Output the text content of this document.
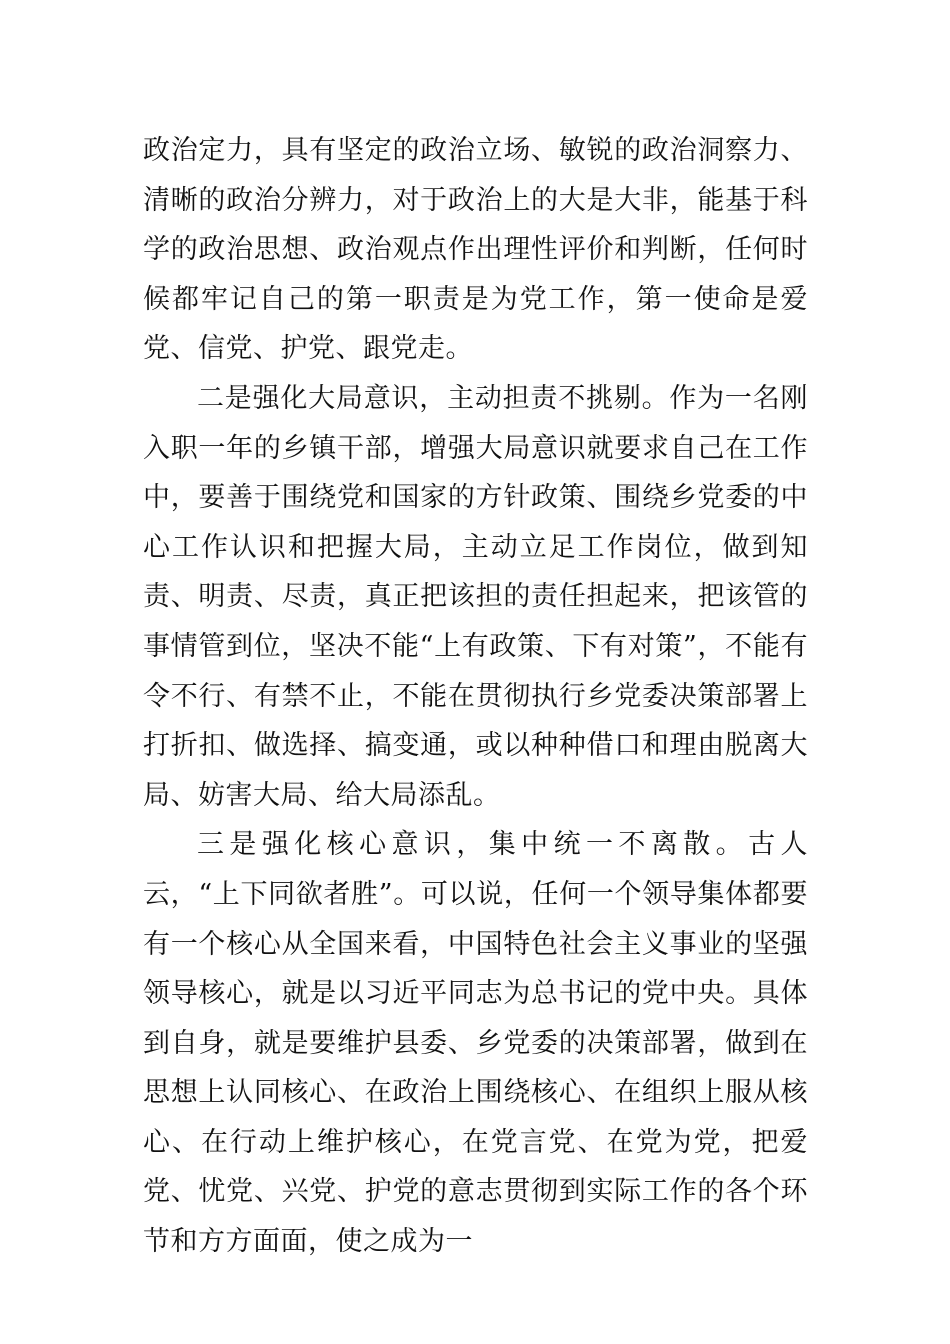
政治定力，具有坚定的政治立场、敏锐的政治洞察力、清晰的政治分辨力，对于政治上的大是大非，能基于科学的政治思想、政治观点作出理性评价和判断，任何时候都牢记自己的第一职责是为党工作，第一使命是爱党、信党、护党、跟党走。

二是强化大局意识，主动担责不挑剔。作为一名刚入职一年的乡镇干部，增强大局意识就要求自己在工作中，要善于围绕党和国家的方针政策、围绕乡党委的中心工作认识和把握大局，主动立足工作岗位，做到知责、明责、尽责，真正把该担的责任担起来，把该管的事情管到位，坚决不能“上有政策、下有对策”，不能有令不行、有禁不止，不能在贯彻执行乡党委决策部署上打折扣、做选择、搞变通，或以种种借口和理由脱离大局、妨害大局、给大局添乱。

三是强化核心意识，集中统一不离散。古人云，“上下同欲者胜”。可以说，任何一个领导集体都要有一个核心从全国来看，中国特色社会主义事业的坚强领导核心，就是以习近平同志为总书记的党中央。具体到自身，就是要维护县委、乡党委的决策部署，做到在思想上认同核心、在政治上围绕核心、在组织上服从核心、在行动上维护核心，在党言党、在党为党，把爱党、忧党、兴党、护党的意志贯彻到实际工作的各个环节和方方面面，使之成为一
